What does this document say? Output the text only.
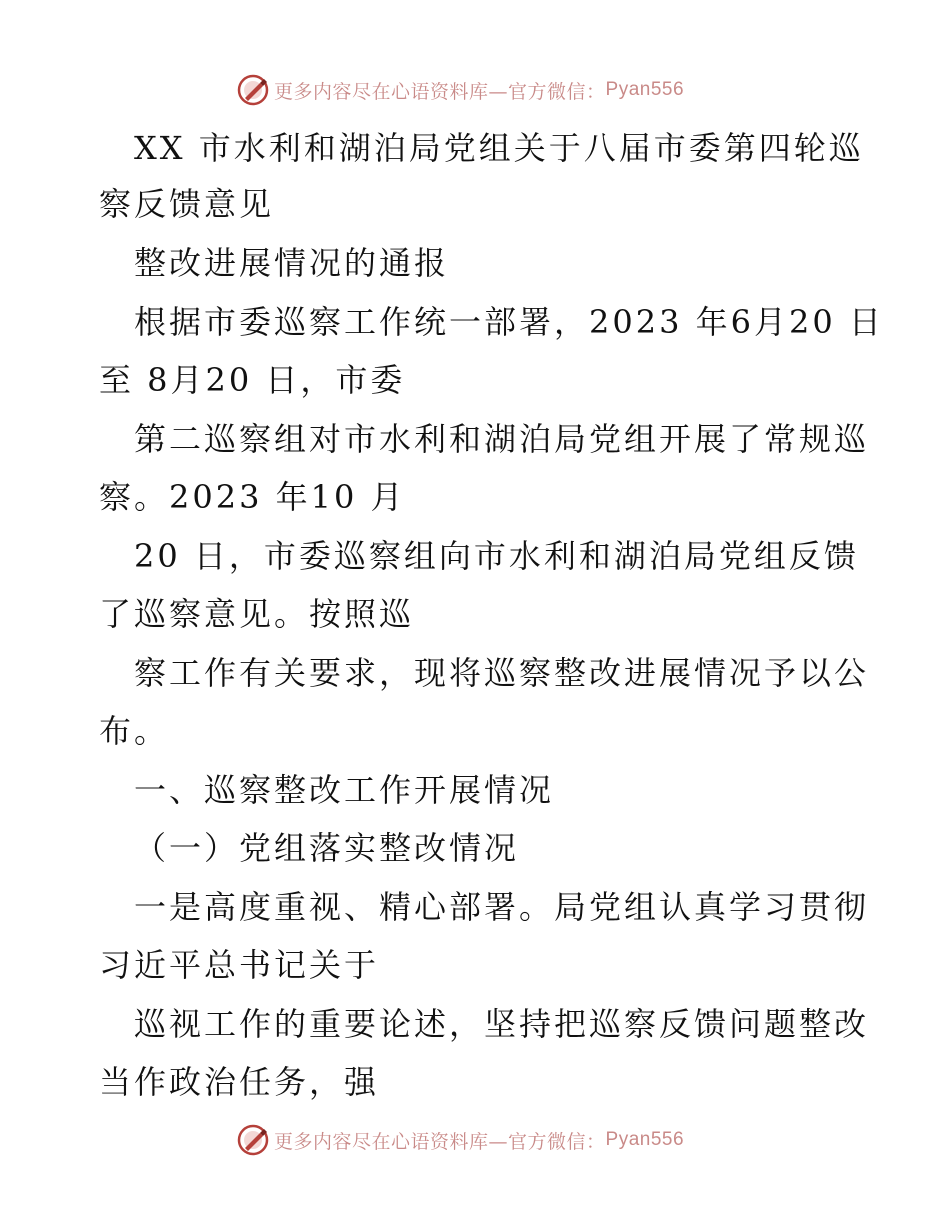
更多内容尽在心语资料库—官方微信： Pyan556
XX 市水利和湖泊局党组关于八届市委第四轮巡
察反馈意见
整改进展情况的通报
根据市委巡察工作统一部署，2023 年6月20 日
至 8月20 日，市委
第二巡察组对市水利和湖泊局党组开展了常规巡
察。2023 年10 月
20 日，市委巡察组向市水利和湖泊局党组反馈
了巡察意见。按照巡
察工作有关要求，现将巡察整改进展情况予以公
布。
一、巡察整改工作开展情况
（一）党组落实整改情况
一是高度重视、精心部署。局党组认真学习贯彻
习近平总书记关于
巡视工作的重要论述，坚持把巡察反馈问题整改
当作政治任务，强
更多内容尽在心语资料库—官方微信： Pyan556
